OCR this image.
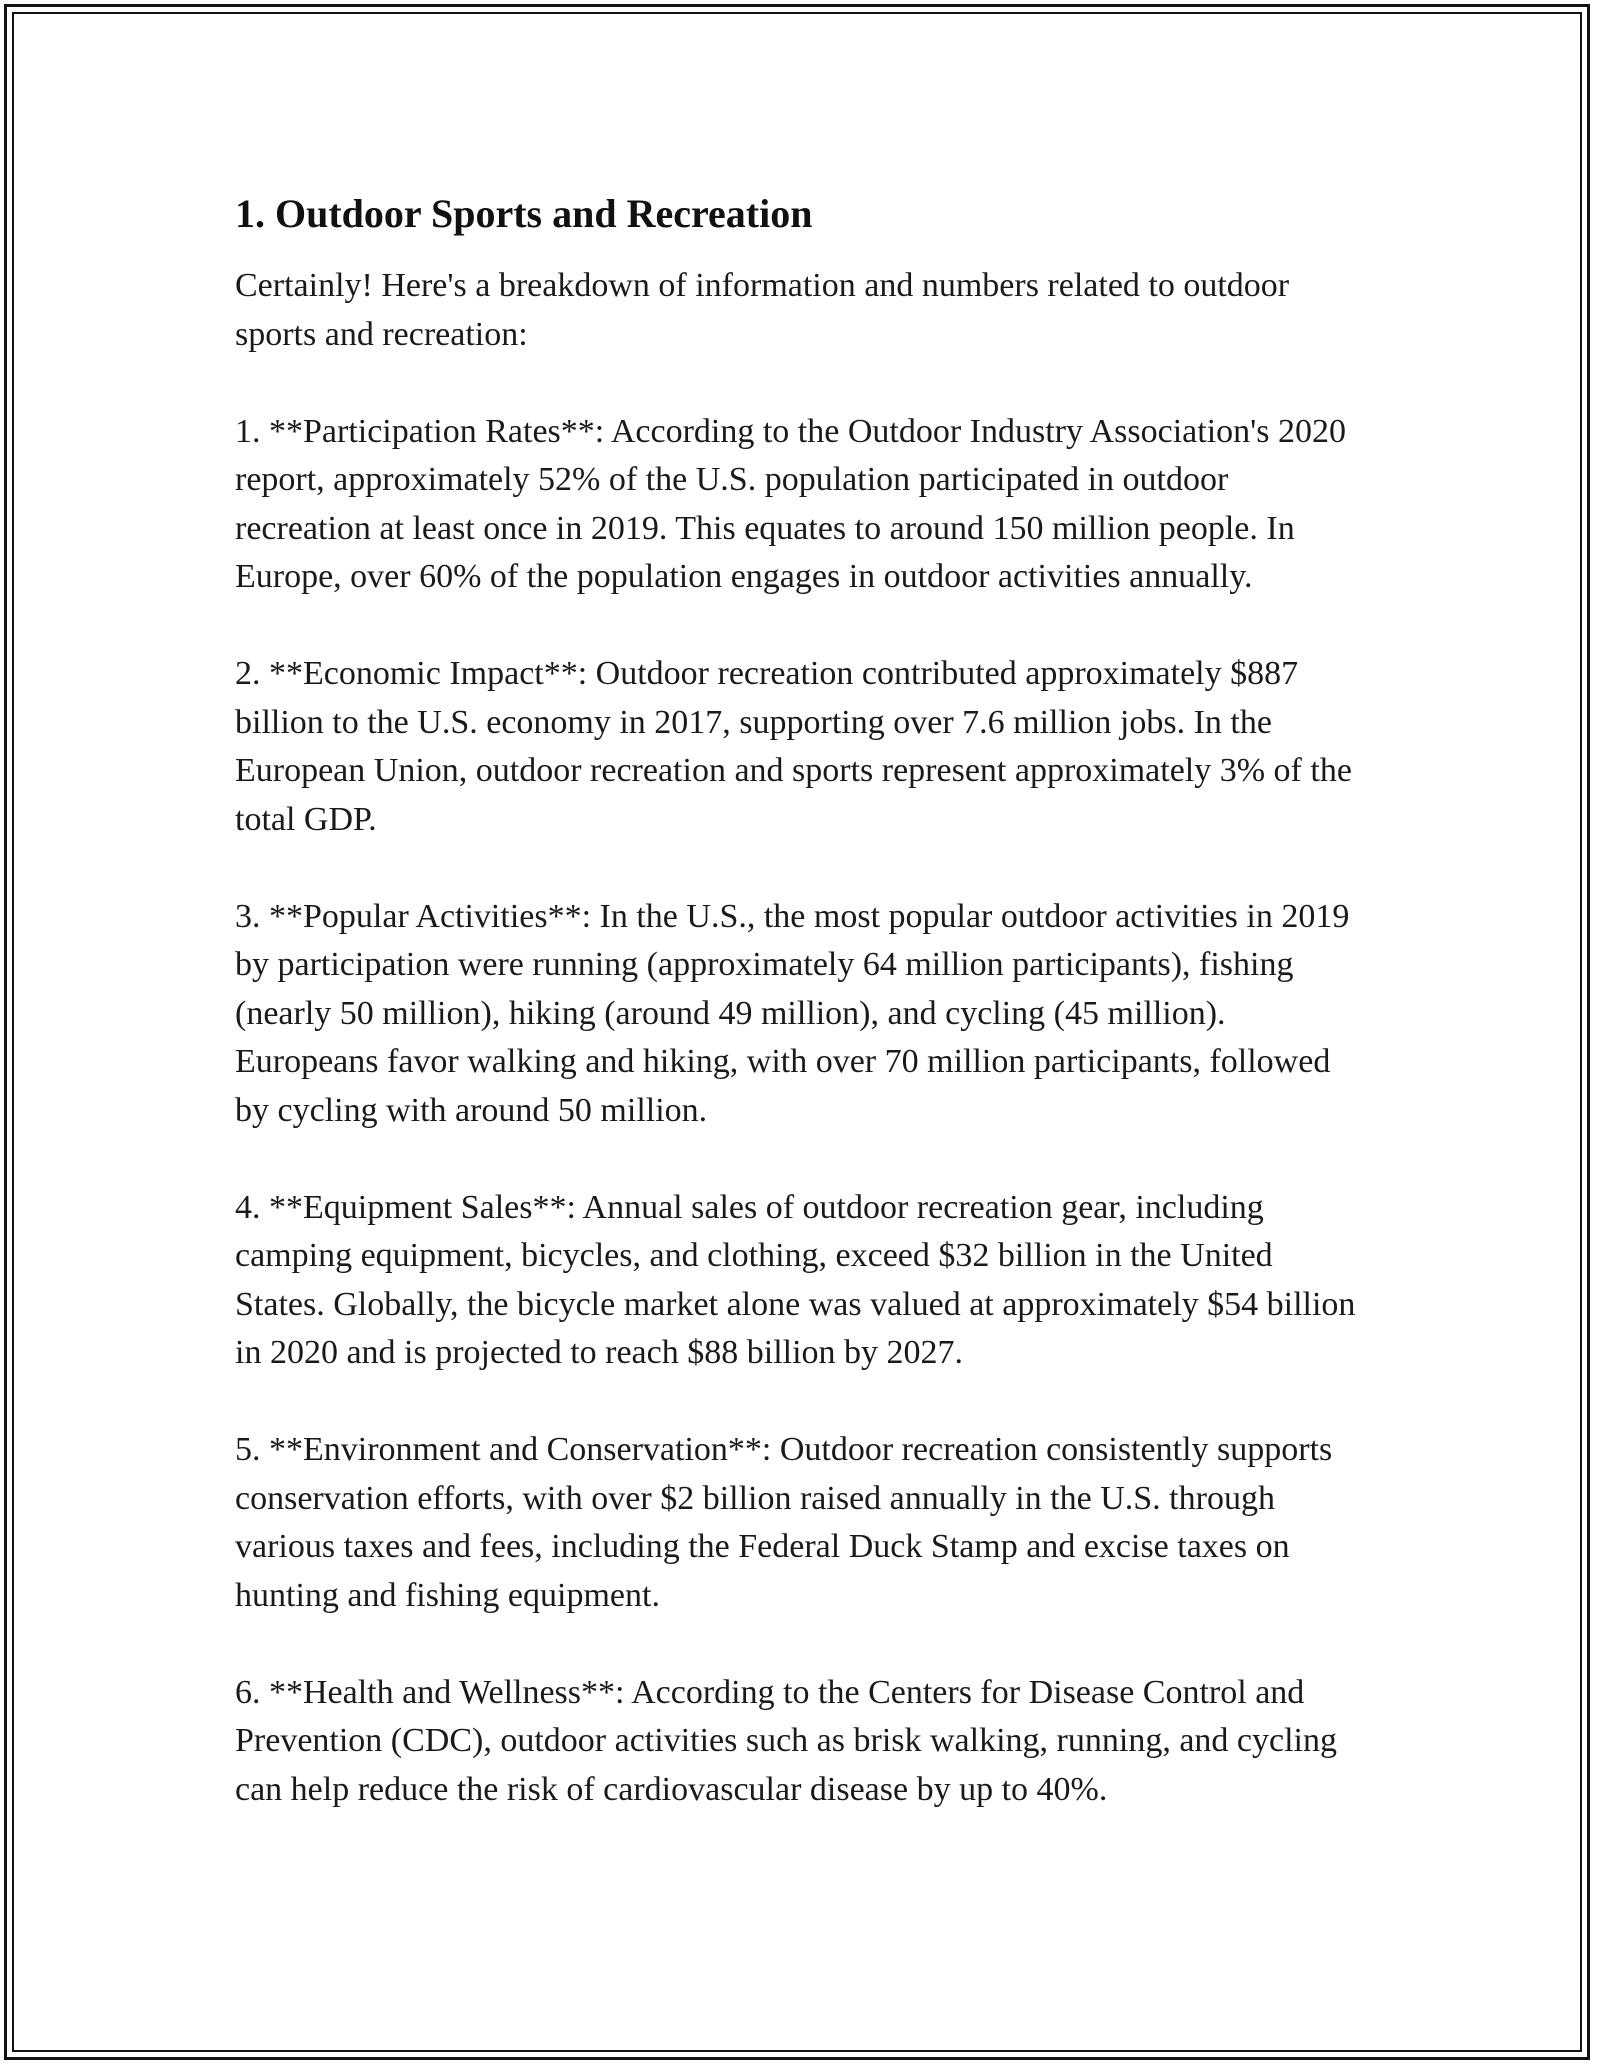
1. Outdoor Sports and Recreation

Certainly! Here's a breakdown of information and numbers related to outdoor sports and recreation:

1. **Participation Rates**: According to the Outdoor Industry Association's 2020 report, approximately 52% of the U.S. population participated in outdoor recreation at least once in 2019. This equates to around 150 million people. In Europe, over 60% of the population engages in outdoor activities annually.

2. **Economic Impact**: Outdoor recreation contributed approximately $887 billion to the U.S. economy in 2017, supporting over 7.6 million jobs. In the European Union, outdoor recreation and sports represent approximately 3% of the total GDP.

3. **Popular Activities**: In the U.S., the most popular outdoor activities in 2019 by participation were running (approximately 64 million participants), fishing (nearly 50 million), hiking (around 49 million), and cycling (45 million). Europeans favor walking and hiking, with over 70 million participants, followed by cycling with around 50 million.

4. **Equipment Sales**: Annual sales of outdoor recreation gear, including camping equipment, bicycles, and clothing, exceed $32 billion in the United States. Globally, the bicycle market alone was valued at approximately $54 billion in 2020 and is projected to reach $88 billion by 2027.

5. **Environment and Conservation**: Outdoor recreation consistently supports conservation efforts, with over $2 billion raised annually in the U.S. through various taxes and fees, including the Federal Duck Stamp and excise taxes on hunting and fishing equipment.

6. **Health and Wellness**: According to the Centers for Disease Control and Prevention (CDC), outdoor activities such as brisk walking, running, and cycling can help reduce the risk of cardiovascular disease by up to 40%.
